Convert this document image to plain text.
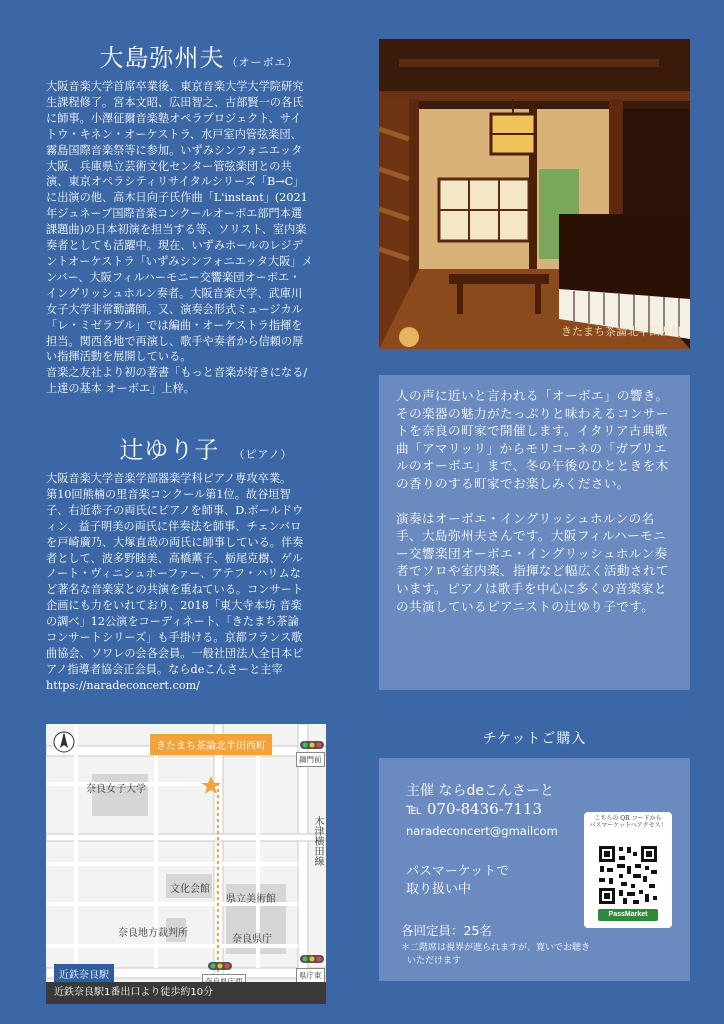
大島弥州夫 （オーボエ）
大阪音楽大学首席卒業後、東京音楽大学大学院研究
生課程修了。宮本文昭、広田智之、古部賢一の各氏
に師事。小澤征爾音楽塾オペラプロジェクト、サイ
トウ・キネン・オーケストラ、水戸室内管弦楽団、
霧島国際音楽祭等に参加。いずみシンフォニエッタ
大阪、兵庫県立芸術文化センター管弦楽団との共
演、東京オペラシティリサイタルシリーズ「B→C」
に出演の他、高木日向子氏作曲「L'instant」(2021
年ジュネーブ国際音楽コンクールオーボエ部門本選
課題曲)の日本初演を担当する等、ソリスト、室内楽
奏者としても活躍中。現在、いずみホールのレジデ
ントオーケストラ「いずみシンフォニエッタ大阪」メ
ンバー、大阪フィルハーモニー交響楽団オーボエ・
イングリッシュホルン奏者。大阪音楽大学、武庫川
女子大学非常勤講師。又、演奏会形式ミュージカル
「レ・ミゼラブル」では編曲・オーケストラ指揮を
担当。関西各地で再演し、歌手や奏者から信頼の厚
い指揮活動を展開している。
音楽之友社より初の著書「もっと音楽が好きになる/
上達の基本 オーボエ」上梓。
辻ゆり子 （ピアノ）
大阪音楽大学音楽学部器楽学科ピアノ専攻卒業。
第10回熊楠の里音楽コンクール第1位。故谷垣智
子、右近恭子の両氏にピアノを師事、D.ボールドウ
ィン、益子明美の両氏に伴奏法を師事、チェンバロ
を戸崎廣乃、大塚直哉の両氏に師事している。伴奏
者として、波多野睦美、高橋薫子、栃尾克樹、ゲル
ノート・ヴィニシュホーファー、アテフ・ハリムな
ど著名な音楽家との共演を重ねている。コンサート
企画にも力をいれており、2018「東大寺本坊 音楽
の調べ」12公演をコーディネート、「きたまち茶論
コンサートシリーズ」も手掛ける。京都フランス歌
曲協会、ソワレの会各会員。一般社団法人全日本ピ
アノ指導者協会正会員。ならdeこんさーと主宰
https://naradeconcert.com/
きたまち茶論北半田西町

人の声に近いと言われる「オーボエ」の響き。その楽器の魅力がたっぷりと味わえるコンサートを奈良の町家で開催します。イタリア古典歌曲「アマリッリ」からモリコーネの「ガブリエルのオーボエ」まで、冬の午後のひとときを木の香りのする町家でお楽しみください。

演奏はオーボエ・イングリッシュホルンの名手、大島弥州夫さんです。大阪フィルハーモニー交響楽団オーボエ・イングリッシュホルン奏者でソロや室内楽、指揮など幅広く活動されています。ピアノは歌手を中心に多くの音楽家との共演しているピアニストの辻ゆり子です。

きたまち茶論北半田西町
奈良女子大学
文化会館
県立美術館
奈良地方裁判所
奈良県庁
木津横田線
近鉄奈良駅
鍋門前
県庁東
近鉄奈良駅1番出口より徒歩約10分
チケットご購入
主催 ならdeこんさーと
℡ 070-8436-7113
naradeconcert@gmailcom
パスマーケットで
取り扱い中
各回定員：25名
＊二階席は視界が遮られますが、寛いでお聴き
いただけます
こちらの QR コードから
パスマーケットへアクセス！
PassMarket
